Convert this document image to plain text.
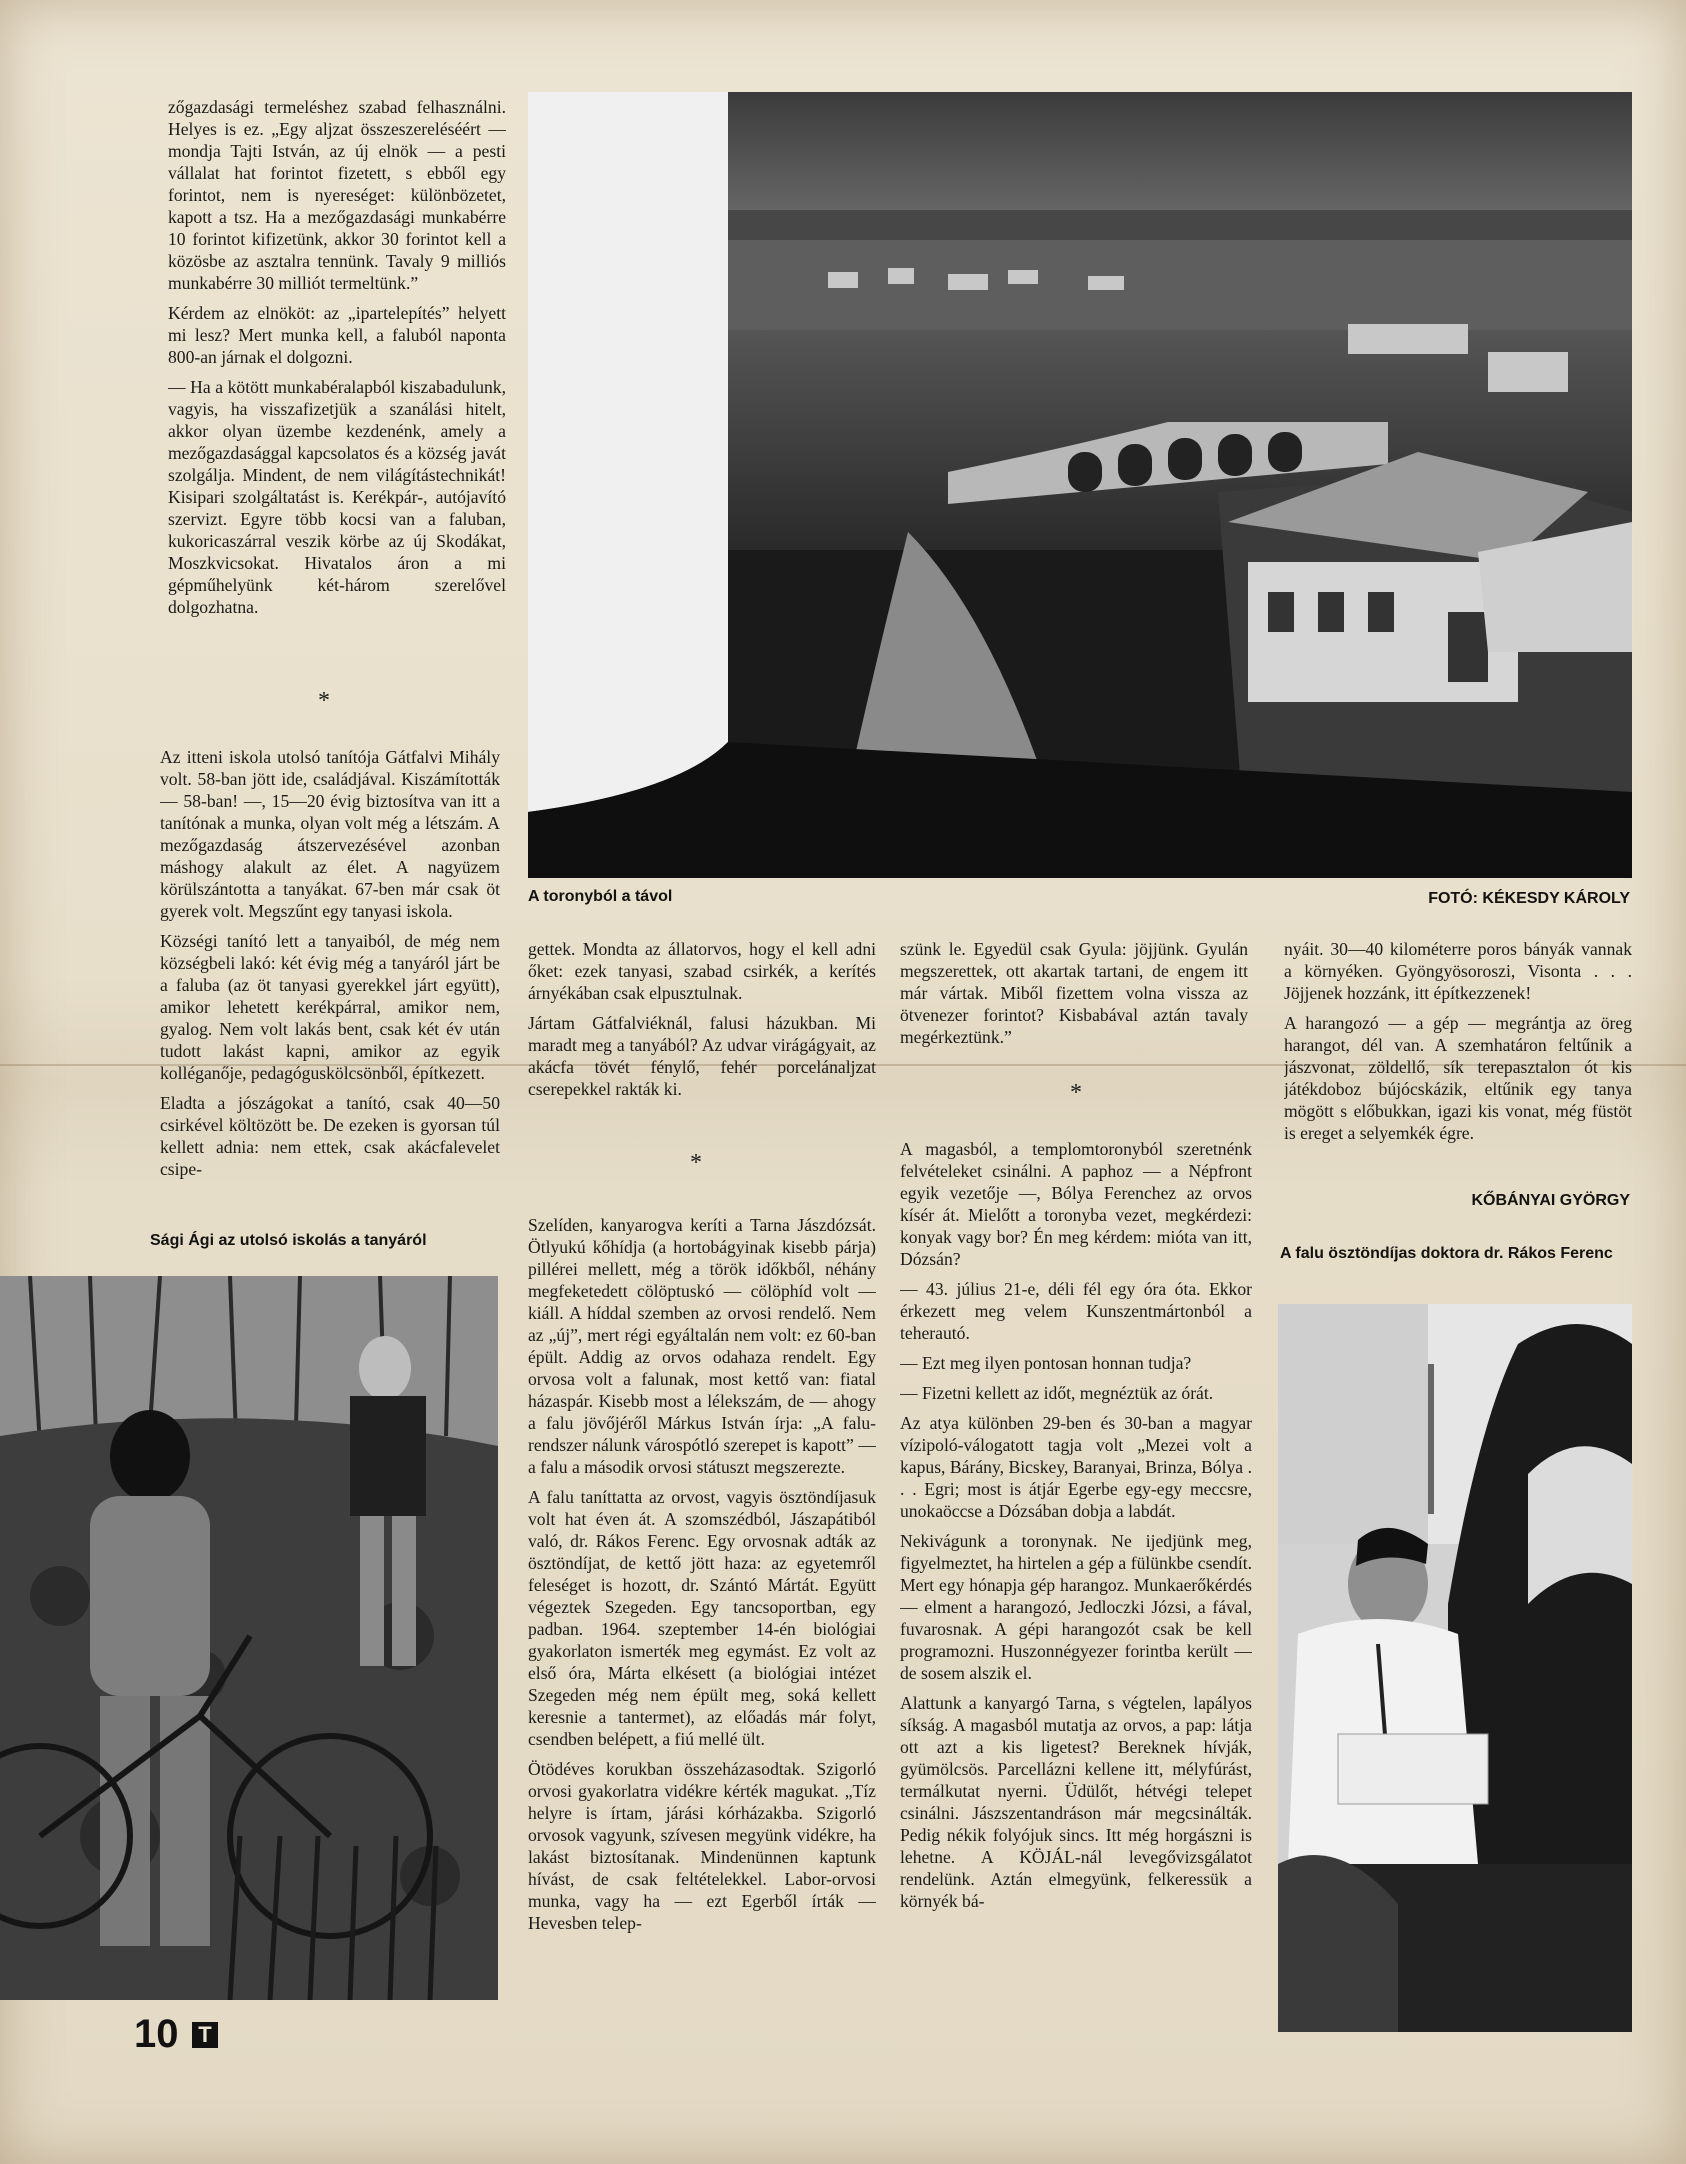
zőgazdasági termeléshez szabad felhasználni. Helyes is ez. „Egy aljzat összeszereléséért — mondja Tajti István, az új elnök — a pesti vállalat hat forintot fizetett, s ebből egy forintot, nem is nyereséget: különbözetet, kapott a tsz. Ha a mezőgazdasági munkabérre 10 forintot kifizetünk, akkor 30 forintot kell a közösbe az asztalra tennünk. Tavaly 9 milliós munkabérre 30 milliót termeltünk.”

Kérdem az elnököt: az „ipartelepítés” helyett mi lesz? Mert munka kell, a faluból naponta 800-an járnak el dolgozni.

— Ha a kötött munkabéralapból kiszabadulunk, vagyis, ha visszafizetjük a szanálási hitelt, akkor olyan üzembe kezdenénk, amely a mezőgazdasággal kapcsolatos és a község javát szolgálja. Mindent, de nem világítástechnikát! Kisipari szolgáltatást is. Kerékpár-, autójavító szervizt. Egyre több kocsi van a faluban, kukoricaszárral veszik körbe az új Skodákat, Moszkvicsokat. Hivatalos áron a mi gépműhelyünk két-három szerelővel dolgozhatna.

*

Az itteni iskola utolsó tanítója Gátfalvi Mihály volt. 58-ban jött ide, családjával. Kiszámították — 58-ban! —, 15—20 évig biztosítva van itt a tanítónak a munka, olyan volt még a létszám. A mezőgazdaság átszervezésével azonban máshogy alakult az élet. A nagyüzem körülszántotta a tanyákat. 67-ben már csak öt gyerek volt. Megszűnt egy tanyasi iskola.

Községi tanító lett a tanyaiból, de még nem községbeli lakó: két évig még a tanyáról járt be a faluba (az öt tanyasi gyerekkel járt együtt), amikor lehetett kerékpárral, amikor nem, gyalog. Nem volt lakás bent, csak két év után tudott lakást kapni, amikor az egyik kolléganője, pedagóguskölcsönből, építkezett.

Eladta a jószágokat a tanító, csak 40—50 csirkével költözött be. De ezeken is gyorsan túl kellett adnia: nem ettek, csak akácfalevelet csipe-

A toronyból a távol	FOTÓ: KÉKESDY KÁROLY

gettek. Mondta az állatorvos, hogy el kell adni őket: ezek tanyasi, szabad csirkék, a kerítés árnyékában csak elpusztulnak.

Jártam Gátfalviéknál, falusi házukban. Mi maradt meg a tanyából? Az udvar virágágyait, az akácfa tövét fénylő, fehér porcelánaljzat cserepekkel rakták ki.

*

szünk le. Egyedül csak Gyula: jöjjünk. Gyulán megszerettek, ott akartak tartani, de engem itt már vártak. Miből fizettem volna vissza az ötvenezer forintot? Kisbabával aztán tavaly megérkeztünk.”

*

nyáit. 30—40 kilométerre poros bányák vannak a környéken. Gyöngyösoroszi, Visonta . . . Jöjjenek hozzánk, itt építkezzenek!

A harangozó — a gép — megrántja az öreg harangot, dél van. A szemhatáron feltűnik a jászvonat, zöldellő, sík terepasztalon ót kis játékdoboz bújócskázik, eltűnik egy tanya mögött s előbukkan, igazi kis vonat, még füstöt is ereget a selyemkék égre.

KŐBÁNYAI GYÖRGY
A falu ösztöndíjas doktora dr. Rákos Ferenc

Szelíden, kanyarogva keríti a Tarna Jászdózsát. Ötlyukú kőhídja (a hortobágyinak kisebb párja) pillérei mellett, még a török időkből, néhány megfeketedett cölöptuskó — cölöphíd volt — kiáll. A híddal szemben az orvosi rendelő. Nem az „új”, mert régi egyáltalán nem volt: ez 60-ban épült. Addig az orvos odahaza rendelt. Egy orvosa volt a falunak, most kettő van: fiatal házaspár. Kisebb most a lélekszám, de — ahogy a falu jövőjéről Márkus István írja: „A falu-rendszer nálunk várospótló szerepet is kapott” — a falu a második orvosi státuszt megszerezte.

A falu taníttatta az orvost, vagyis ösztöndíjasuk volt hat éven át. A szomszédból, Jászapátiból való, dr. Rákos Ferenc. Egy orvosnak adták az ösztöndíjat, de kettő jött haza: az egyetemről feleséget is hozott, dr. Szántó Mártát. Együtt végeztek Szegeden. Egy tancsoportban, egy padban. 1964. szeptember 14-én biológiai gyakorlaton ismerték meg egymást. Ez volt az első óra, Márta elkésett (a biológiai intézet Szegeden még nem épült meg, soká kellett keresnie a tantermet), az előadás már folyt, csendben belépett, a fiú mellé ült.

Ötödéves korukban összeházasodtak. Szigorló orvosi gyakorlatra vidékre kérték magukat. „Tíz helyre is írtam, járási kórházakba. Szigorló orvosok vagyunk, szívesen megyünk vidékre, ha lakást biztosítanak. Mindenünnen kaptunk hívást, de csak feltételekkel. Labor-orvosi munka, vagy ha — ezt Egerből írták — Hevesben telep-

A magasból, a templomtoronyból szeretnénk felvételeket csinálni. A paphoz — a Népfront egyik vezetője —, Bólya Ferenchez az orvos kísér át. Mielőtt a toronyba vezet, megkérdezi: konyak vagy bor? Én meg kérdem: mióta van itt, Dózsán?

— 43. július 21-e, déli fél egy óra óta. Ekkor érkezett meg velem Kunszentmártonból a teherautó.

— Ezt meg ilyen pontosan honnan tudja?

— Fizetni kellett az időt, megnéztük az órát.

Az atya különben 29-ben és 30-ban a magyar vízipoló-válogatott tagja volt „Mezei volt a kapus, Bárány, Bicskey, Baranyai, Brinza, Bólya . . . Egri; most is átjár Egerbe egy-egy meccsre, unokaöccse a Dózsában dobja a labdát.

Nekivágunk a toronynak. Ne ijedjünk meg, figyelmeztet, ha hirtelen a gép a fülünkbe csendít. Mert egy hónapja gép harangoz. Munkaerőkérdés — elment a harangozó, Jedloczki Józsi, a fával, fuvarosnak. A gépi harangozót csak be kell programozni. Huszonnégyezer forintba került — de sosem alszik el.

Alattunk a kanyargó Tarna, s végtelen, lapályos síkság. A magasból mutatja az orvos, a pap: látja ott azt a kis ligetest? Bereknek hívják, gyümölcsös. Parcellázni kellene itt, mélyfúrást, termálkutat nyerni. Üdülőt, hétvégi telepet csinálni. Jászszentandráson már megcsinálták. Pedig nékik folyójuk sincs. Itt még horgászni is lehetne. A KÖJÁL-nál levegővizsgálatot rendelünk. Aztán elmegyünk, felkeressük a környék bá-

Sági Ági az utolsó iskolás a tanyáról
10 T
